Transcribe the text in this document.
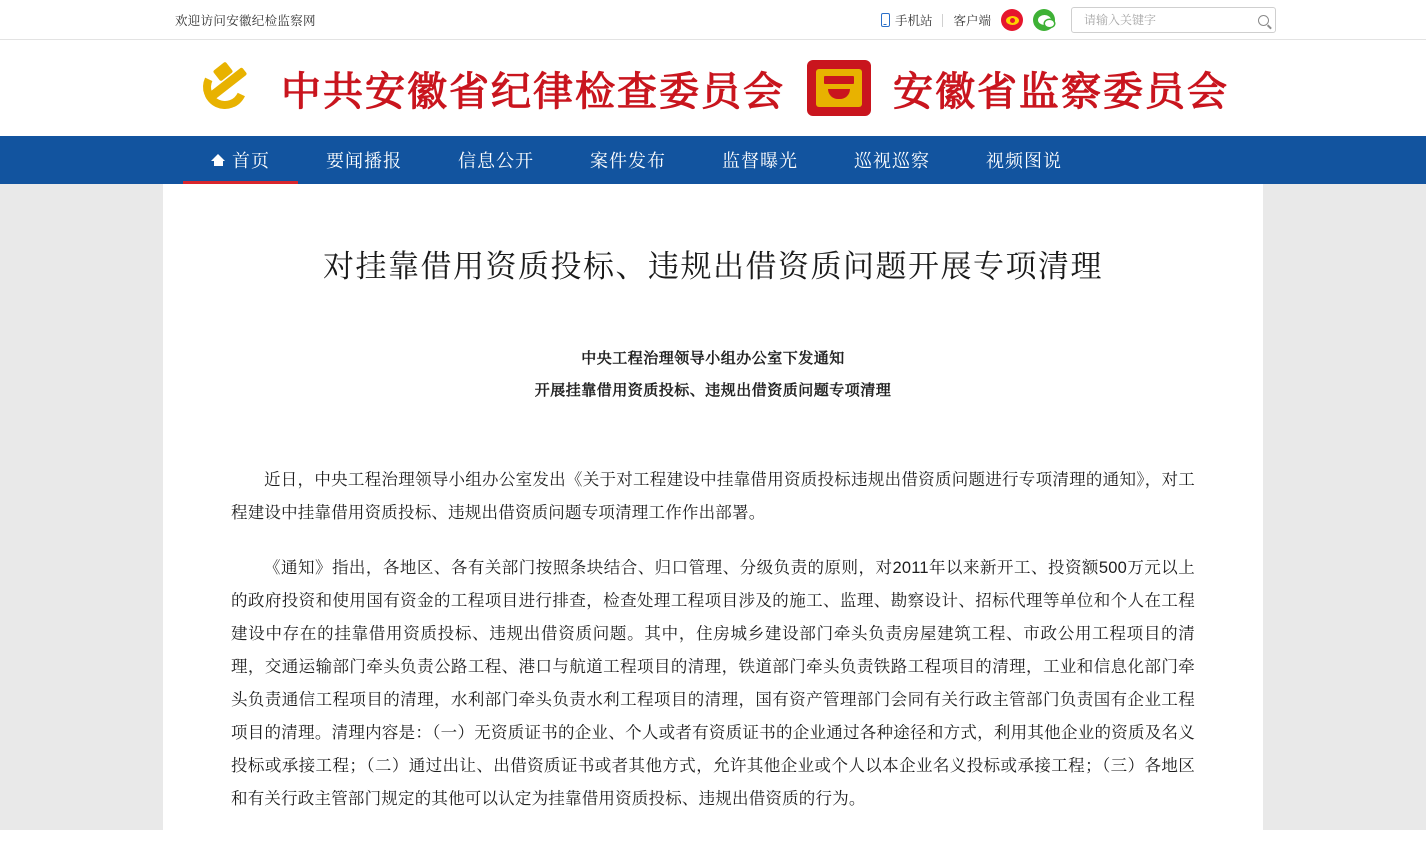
欢迎访问安徽纪检监察网	手机站 客户端
请输入关键字
中共安徽省纪律检查委员会	安徽省监察委员会
首页	要闻播报	信息公开	案件发布	监督曝光	巡视巡察	视频图说
对挂靠借用资质投标、违规出借资质问题开展专项清理
中央工程治理领导小组办公室下发通知
开展挂靠借用资质投标、违规出借资质问题专项清理

近日，中央工程治理领导小组办公室发出《关于对工程建设中挂靠借用资质投标违规出借资质问题进行专项清理的通知》，对工程建设中挂靠借用资质投标、违规出借资质问题专项清理工作作出部署。

《通知》指出，各地区、各有关部门按照条块结合、归口管理、分级负责的原则，对2011年以来新开工、投资额500万元以上的政府投资和使用国有资金的工程项目进行排查，检查处理工程项目涉及的施工、监理、勘察设计、招标代理等单位和个人在工程建设中存在的挂靠借用资质投标、违规出借资质问题。其中，住房城乡建设部门牵头负责房屋建筑工程、市政公用工程项目的清理，交通运输部门牵头负责公路工程、港口与航道工程项目的清理，铁道部门牵头负责铁路工程项目的清理，工业和信息化部门牵头负责通信工程项目的清理，水利部门牵头负责水利工程项目的清理，国有资产管理部门会同有关行政主管部门负责国有企业工程项目的清理。清理内容是：（一）无资质证书的企业、个人或者有资质证书的企业通过各种途径和方式，利用其他企业的资质及名义投标或承接工程；（二）通过出让、出借资质证书或者其他方式，允许其他企业或个人以本企业名义投标或承接工程；（三）各地区和有关行政主管部门规定的其他可以认定为挂靠借用资质投标、违规出借资质的行为。
